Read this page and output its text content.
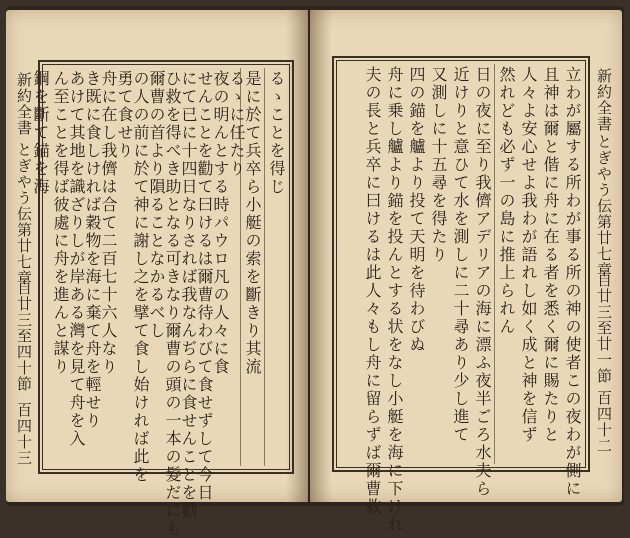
新約全書
とぎやう伝第廿七章
自廿三至四十節
百四十三
るゝことを得じ
是に於て兵卒ら小艇の索を斷きり其流
るゝに任たり
夜の明んとする時パウロ凡の人々に食
せんことを勸て曰けるは爾曹待わびて食せずして今日
にて已に十四日なりされば我なんぢらに食せんことを勸
ひ救を得べき助となる可きなり爾曹の頭の一本の髮だにも
爾曹の首より隕ることなかるべし
の人の前に於て神に謝し之を擘て食し始ければ此を
勇て食せり
舟に在し我儕は合て二百七十六人なり
き既に食しければ穀物を海に棄て舟を輕せり
あけて其地を識ざりしが岸ある灣を見て舟を入
ん至ことを得ば彼處に舟を進んと謀り
鋼を斷て錨を海	立わが屬する所わが事る所の神の使者この夜わが側に
且神は爾と偕に舟に在る者を悉く爾に賜たりと
人々よ安心せよ我わが語れし如く成と神を信ず
然れども必ず一の島に推上られん
日の夜に至り我儕アデリアの海に漂ふ夜半ごろ水夫ら
近けりと意ひて水を測しに二十尋あり少し進て
又測しに十五尋を得たり
四の錨を艫より投て天明を待わびぬ
舟に乗し艫より錨を投んとする状をなし小艇を海に下けれ
夫の長と兵卒に曰けるは此人々もし舟に留らずば爾曹救	新約全書
とぎやう伝第廿七章
自廿三至廿一節
百四十二
